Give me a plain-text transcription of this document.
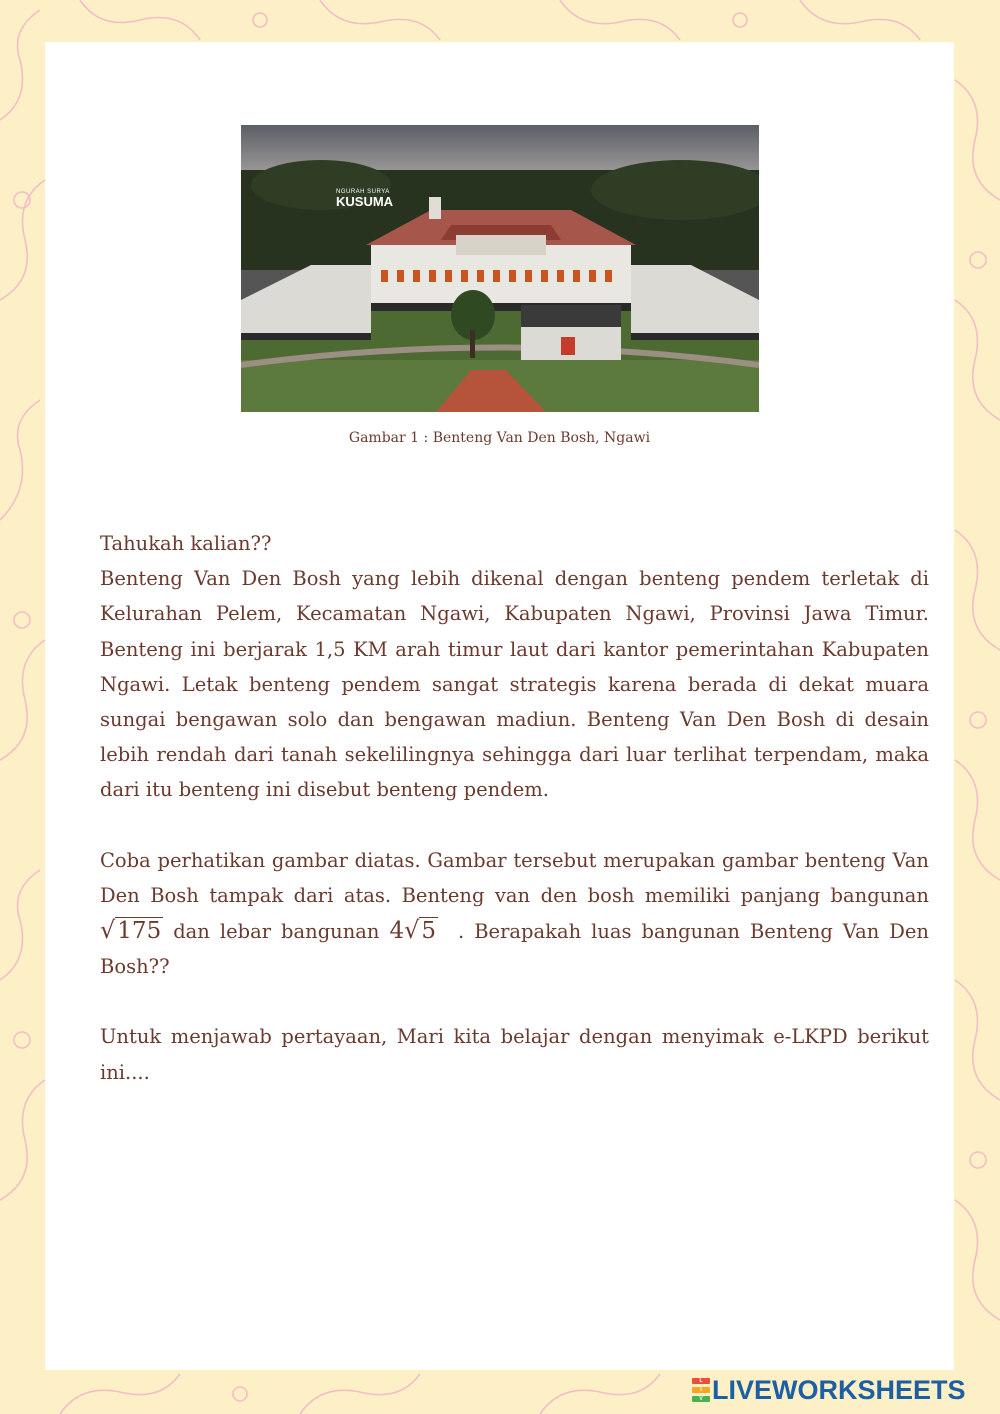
NGURAH SURYA
KUSUMA
Gambar 1 : Benteng Van Den Bosh, Ngawi

Tahukah kalian??

Benteng Van Den Bosh yang lebih dikenal dengan benteng pendem terletak di Kelurahan Pelem, Kecamatan Ngawi, Kabupaten Ngawi, Provinsi Jawa Timur. Benteng ini berjarak 1,5 KM arah timur laut dari kantor pemerintahan Kabupaten Ngawi. Letak benteng pendem sangat strategis karena berada di dekat muara sungai bengawan solo dan bengawan madiun. Benteng Van Den Bosh di desain lebih rendah dari tanah sekelilingnya sehingga dari luar terlihat terpendam, maka dari itu benteng ini disebut benteng pendem.

Coba perhatikan gambar diatas. Gambar tersebut merupakan gambar benteng Van Den Bosh tampak dari atas. Benteng van den bosh memiliki panjang bangunan √175 dan lebar bangunan 4√5 . Berapakah luas bangunan Benteng Van Den Bosh??

Untuk menjawab pertayaan, Mari kita belajar dengan menyimak e-LKPD berikut ini....

L
I
V LIVEWORKSHEETS
